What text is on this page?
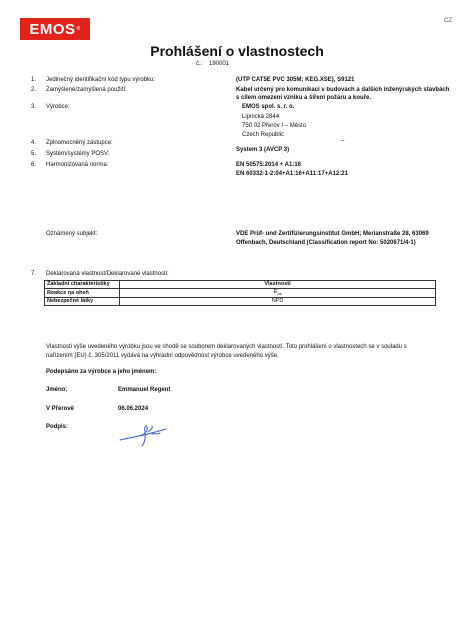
EMOS ®
CZ
Prohlášení o vlastnostech
č.: 190001
1. Jedinečný identifikační kód typu výrobku:	(UTP CAT5E PVC 305M; KEG.XSE), S9121
2. Zamýšlené/zamýšlená použití:	Kabel určený pro komunikaci v budovách a dalších inženýrských stavbách
s cílem omezení vzniku a šíření požáru a kouře.
3. Výrobce:	EMOS spol. s. r. o.
Lipnická 2844
750 02 Přerov I – Město
Czech Republic
4. Zplnomocněný zástupce:	–
5. Systém/systémy POSV:
System 3 (AVCP 3)
6. Harmonizovaná norma:	EN 50575:2014 + A1:16
EN 60332-1-2:04+A1:16+A11:17+A12:21
Oznámený subjekt:	VDE Prüf- und Zertifizierungsinstitut GmbH; Merianstraße 28, 63069
Offenbach, Deutschland (Classification report No: 5020671/4-1)
7. Deklarovaná vlastnost/Deklarované vlastnosti:
Základní charakteristiky	Vlastnosti
Reakce na oheň	$E_{ca}$
Nebezpečné látky	NPD
Vlastnosti výše uvedeného výrobku jsou ve shodě se souborem deklarovaných vlastností. Toto prohlášení o vlastnostech se v souladu s
nařízením (EU) č. 305/2011 vydává na výhradní odpovědnost výrobce uvedeného výše.
Podepsáno za výrobce a jeho jménem:
Jméno:	Emmanuel Regent
V Přerově	06.06.2024
Podpis:
